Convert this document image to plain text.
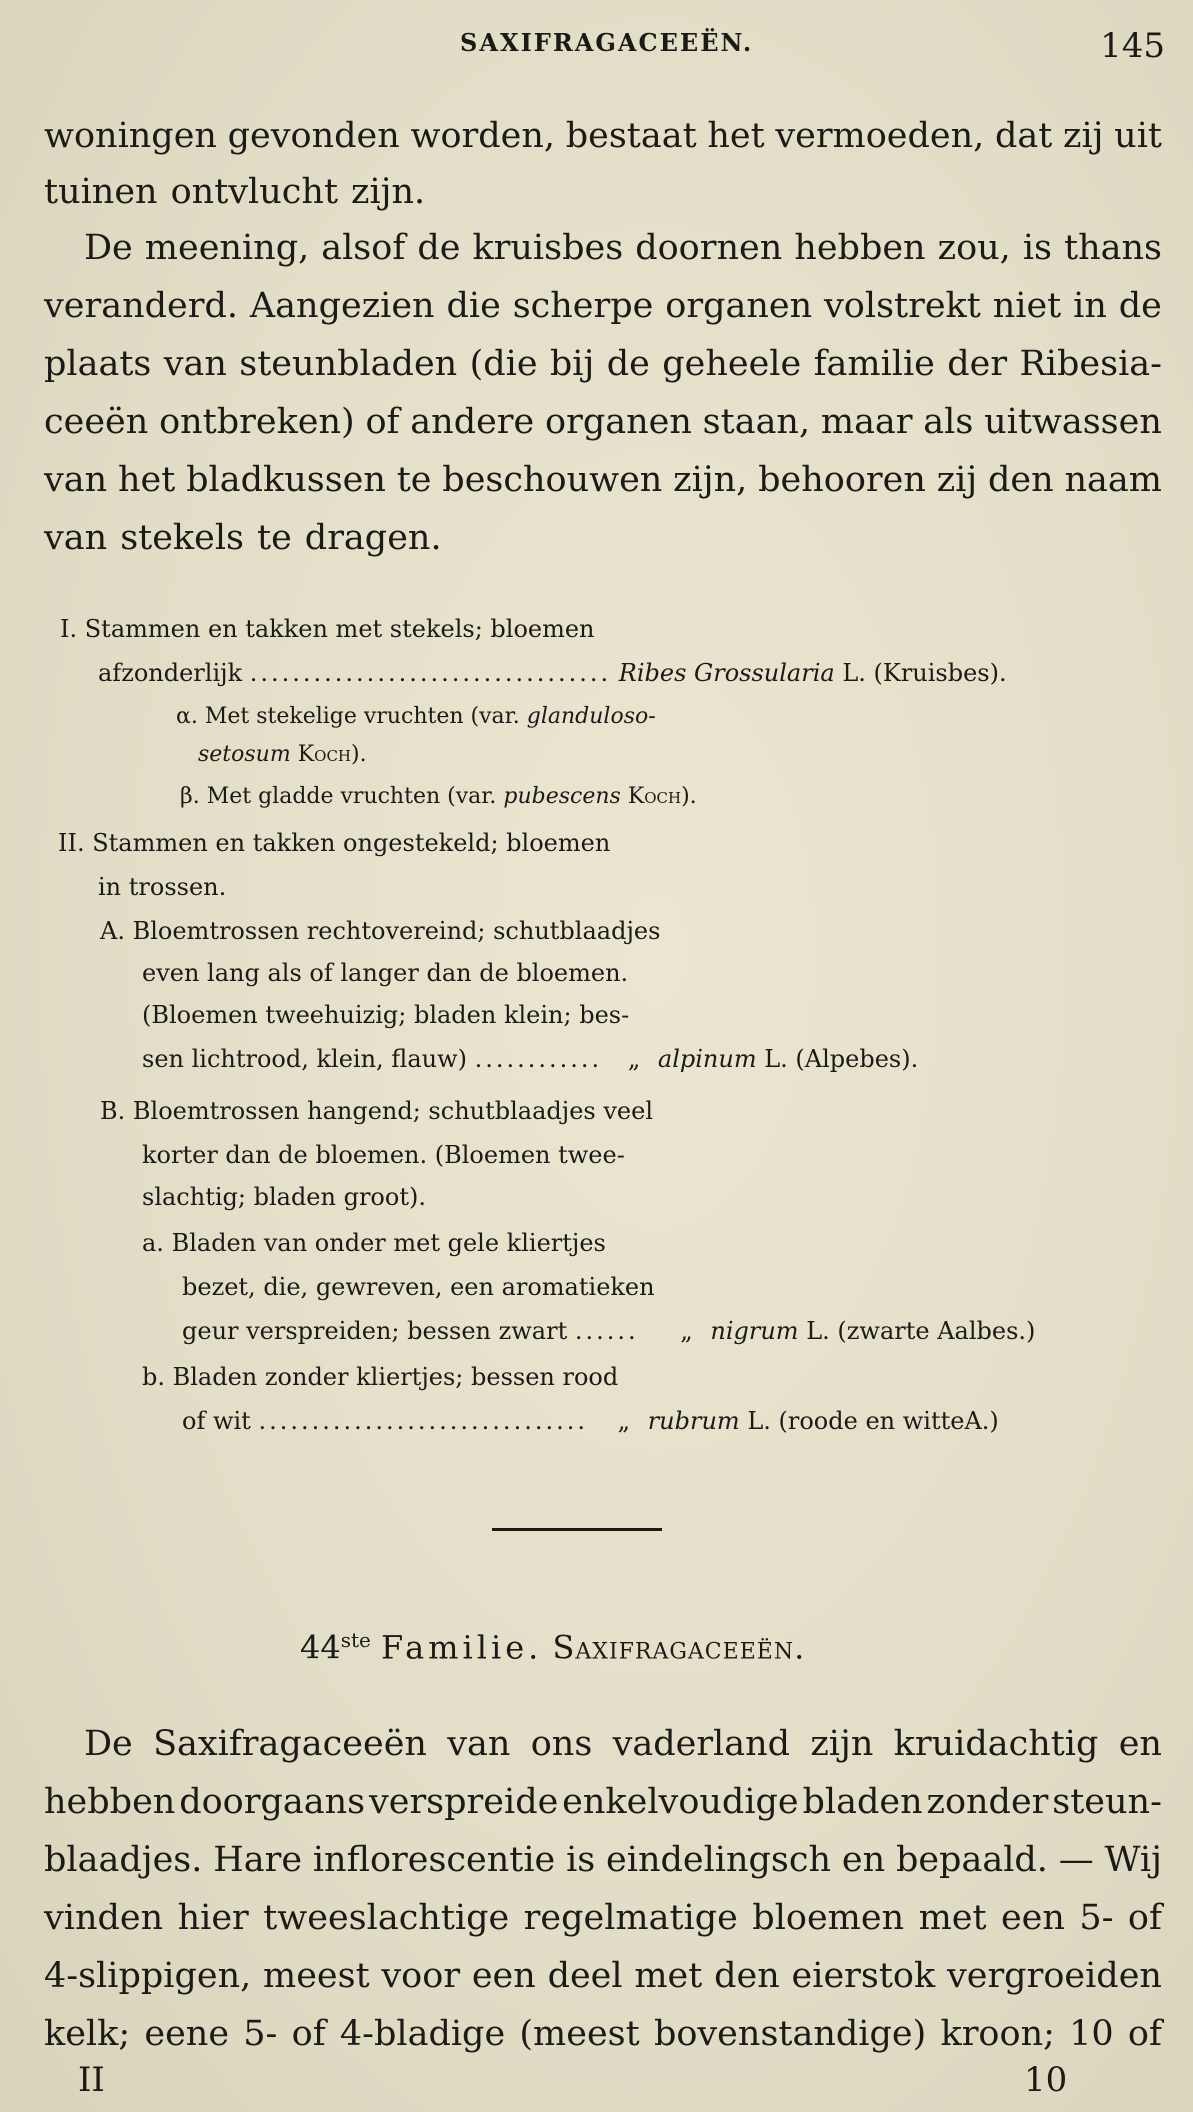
SAXIFRAGACEEËN.	145
woningen gevonden worden, bestaat het vermoeden, dat zij uit
tuinen ontvlucht zijn.
De meening, alsof de kruisbes doornen hebben zou, is thans
veranderd. Aangezien die scherpe organen volstrekt niet in de
plaats van steunbladen (die bij de geheele familie der Ribesia-
ceeën ontbreken) of andere organen staan, maar als uitwassen
van het bladkussen te beschouwen zijn, behooren zij den naam
van stekels te dragen.
I. Stammen en takken met stekels; bloemen
afzonderlijk .................................. Ribes Grossularia L. (Kruisbes).
α. Met stekelige vruchten (var. glanduloso-
setosum Koch).
β. Met gladde vruchten (var. pubescens Koch).
II. Stammen en takken ongestekeld; bloemen
in trossen.
A. Bloemtrossen rechtovereind; schutblaadjes
even lang als of langer dan de bloemen.
(Bloemen tweehuizig; bladen klein; bes-
sen lichtrood, klein, flauw) ............ „ alpinum L. (Alpebes).
B. Bloemtrossen hangend; schutblaadjes veel
korter dan de bloemen. (Bloemen twee-
slachtig; bladen groot).
a. Bladen van onder met gele kliertjes
bezet, die, gewreven, een aromatieken
geur verspreiden; bessen zwart ...... „ nigrum L. (zwarte Aalbes.)
b. Bladen zonder kliertjes; bessen rood
of wit ............................... „ rubrum L. (roode en witteA.)
44ste Familie. Saxifragaceeën.
De Saxifragaceeën van ons vaderland zijn kruidachtig en
hebben doorgaans verspreide enkelvoudige bladen zonder steun-
blaadjes. Hare inflorescentie is eindelingsch en bepaald. — Wij
vinden hier tweeslachtige regelmatige bloemen met een 5- of
4-slippigen, meest voor een deel met den eierstok vergroeiden
kelk; eene 5- of 4-bladige (meest bovenstandige) kroon; 10 of
II	10
